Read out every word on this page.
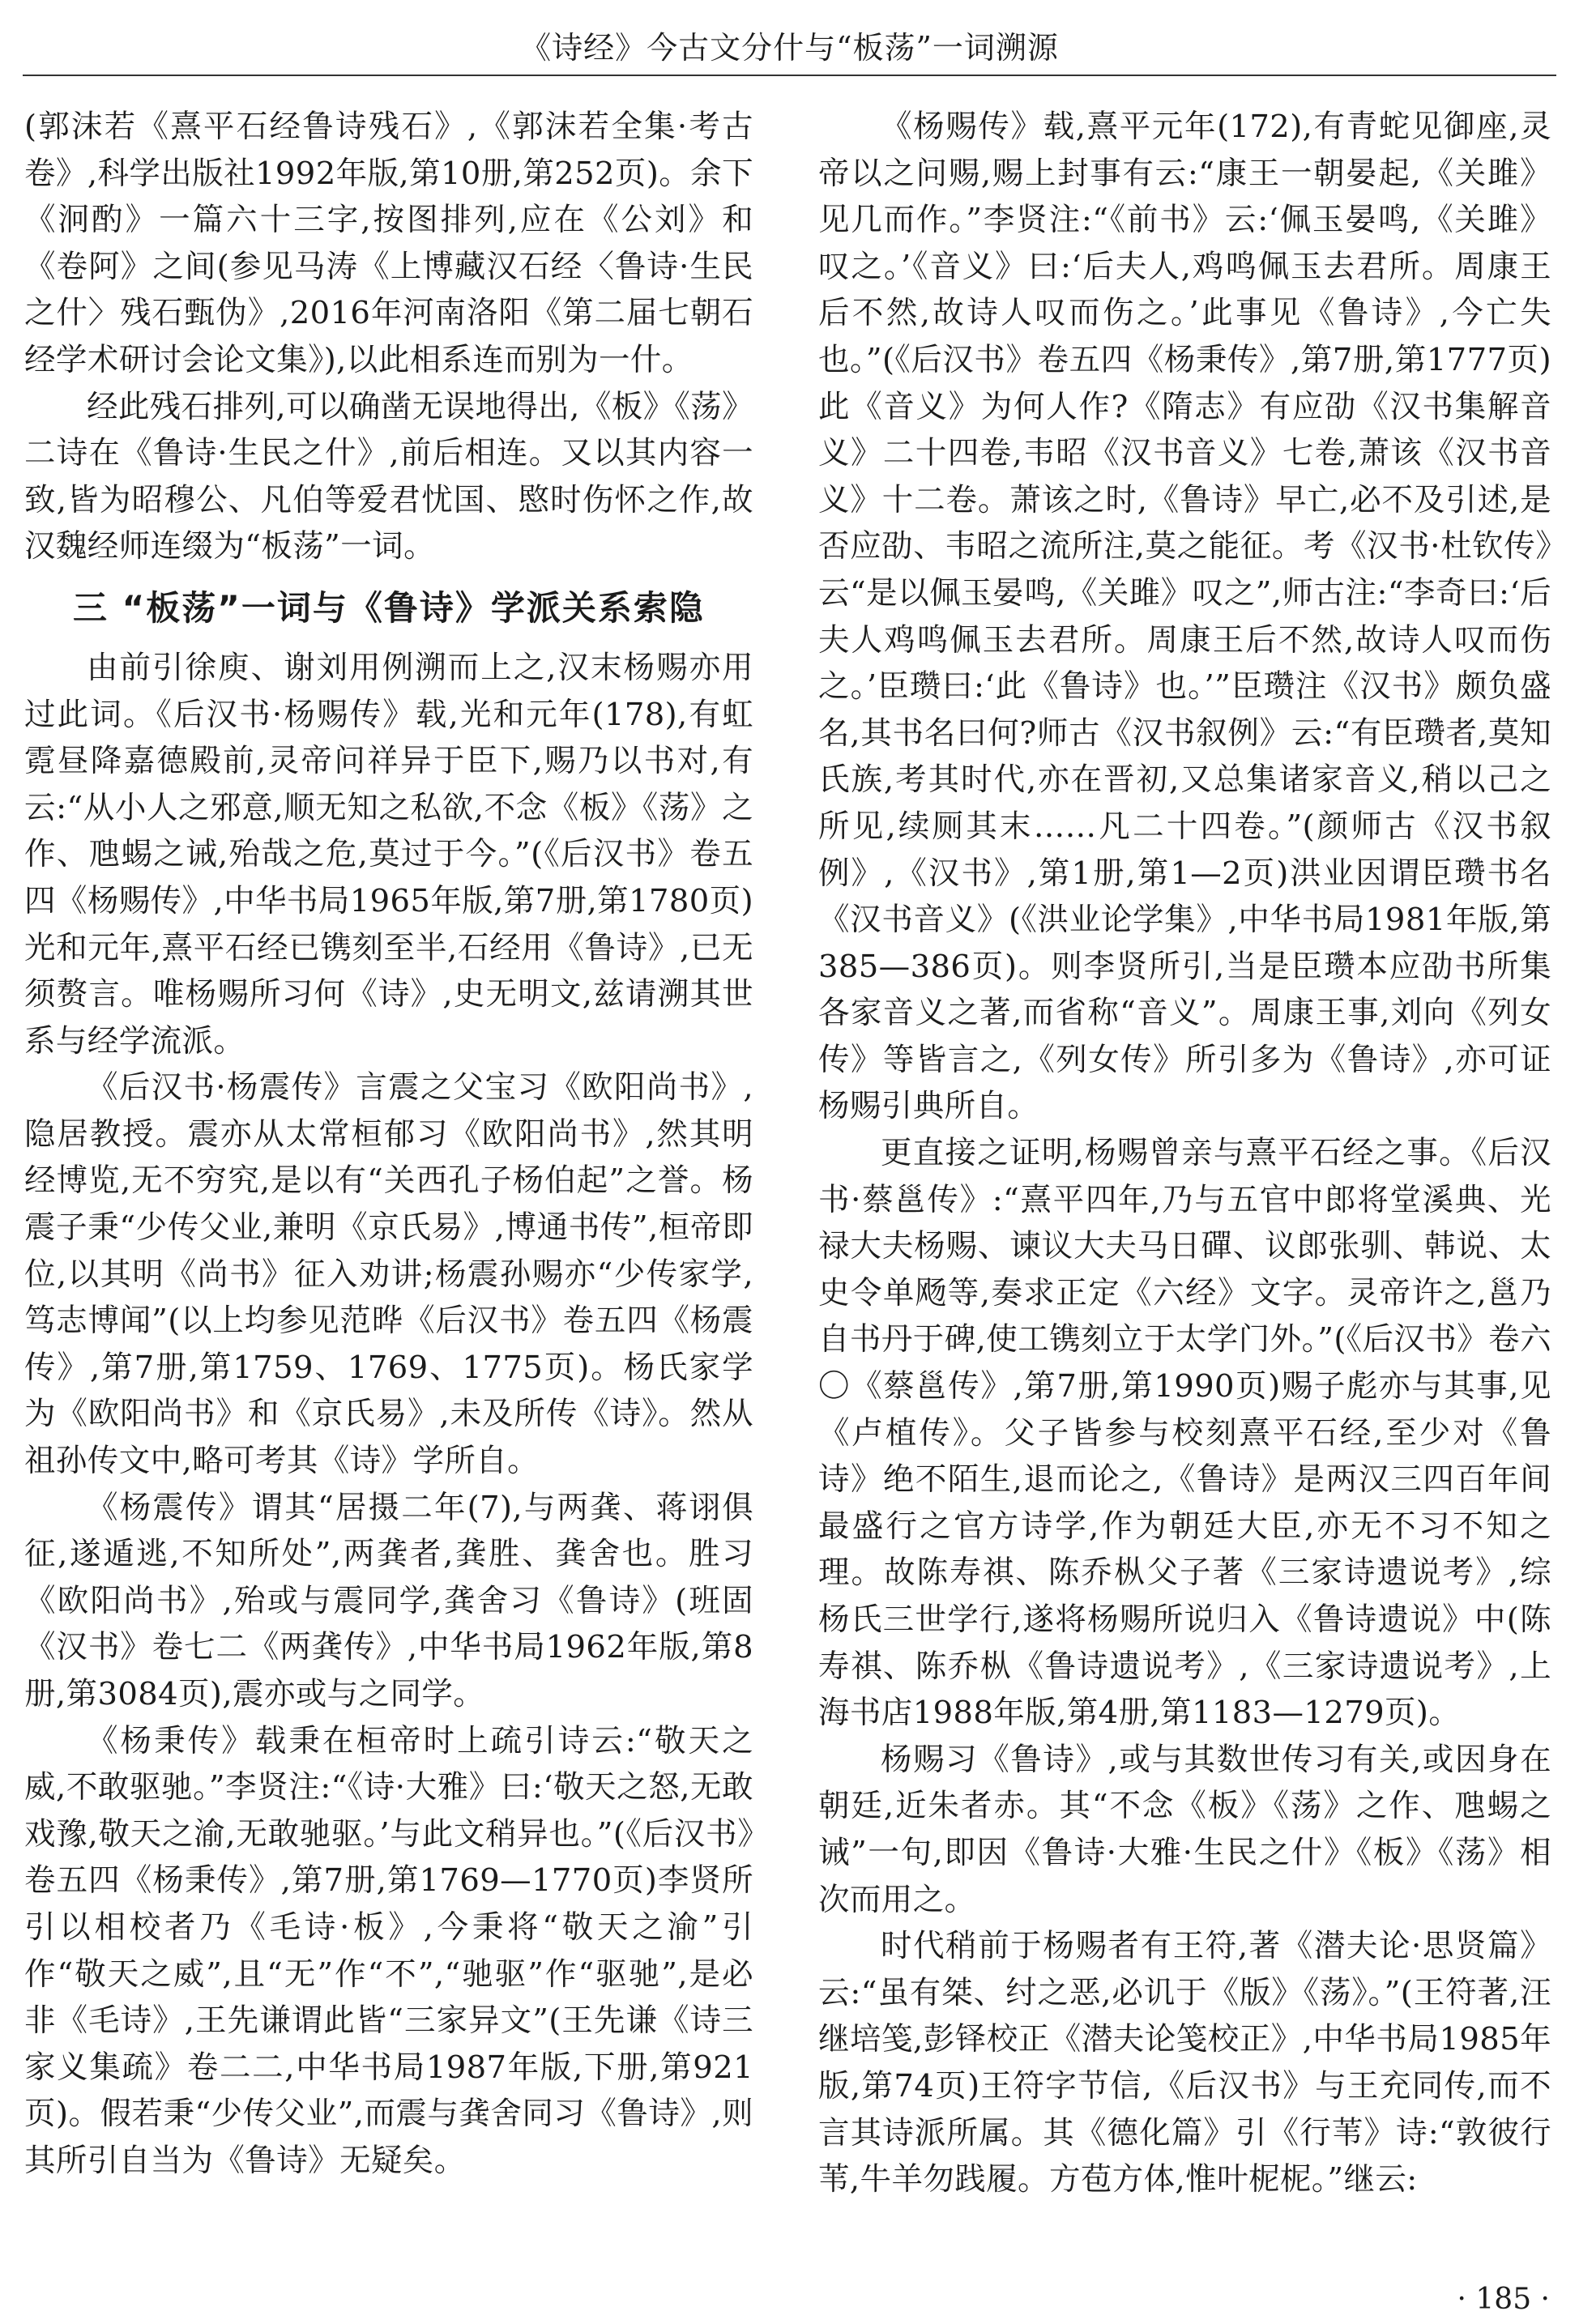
《诗经》今古文分什与“板荡”一词溯源

(郭沫若《熹平石经鲁诗残石》,《郭沫若全集·考古卷》,科学出版社1992年版,第10册,第252页)。余下《泂酌》一篇六十三字,按图排列,应在《公刘》和《卷阿》之间(参见马涛《上博藏汉石经〈鲁诗·生民之什〉残石甄伪》,2016年河南洛阳《第二届七朝石经学术研讨会论文集》),以此相系连而别为一什。

经此残石排列,可以确凿无误地得出,《板》《荡》二诗在《鲁诗·生民之什》,前后相连。又以其内容一致,皆为昭穆公、凡伯等爱君忧国、愍时伤怀之作,故汉魏经师连缀为“板荡”一词。

三 “板荡”一词与《鲁诗》学派关系索隐

由前引徐庾、谢刘用例溯而上之,汉末杨赐亦用过此词。《后汉书·杨赐传》载,光和元年(178),有虹霓昼降嘉德殿前,灵帝问祥异于臣下,赐乃以书对,有云:“从小人之邪意,顺无知之私欲,不念《板》《荡》之作、虺蜴之诫,殆哉之危,莫过于今。”(《后汉书》卷五四《杨赐传》,中华书局1965年版,第7册,第1780页)光和元年,熹平石经已镌刻至半,石经用《鲁诗》,已无须赘言。唯杨赐所习何《诗》,史无明文,兹请溯其世系与经学流派。

《后汉书·杨震传》言震之父宝习《欧阳尚书》,隐居教授。震亦从太常桓郁习《欧阳尚书》,然其明经博览,无不穷究,是以有“关西孔子杨伯起”之誉。杨震子秉“少传父业,兼明《京氏易》,博通书传”,桓帝即位,以其明《尚书》征入劝讲;杨震孙赐亦“少传家学,笃志博闻”(以上均参见范晔《后汉书》卷五四《杨震传》,第7册,第1759、1769、1775页)。杨氏家学为《欧阳尚书》和《京氏易》,未及所传《诗》。然从祖孙传文中,略可考其《诗》学所自。

《杨震传》谓其“居摄二年(7),与两龚、蒋诩俱征,遂遁逃,不知所处”,两龚者,龚胜、龚舍也。胜习《欧阳尚书》,殆或与震同学,龚舍习《鲁诗》(班固《汉书》卷七二《两龚传》,中华书局1962年版,第8册,第3084页),震亦或与之同学。

《杨秉传》载秉在桓帝时上疏引诗云:“敬天之威,不敢驱驰。”李贤注:“《诗·大雅》曰:‘敬天之怒,无敢戏豫,敬天之渝,无敢驰驱。’与此文稍异也。”(《后汉书》卷五四《杨秉传》,第7册,第1769—1770页)李贤所引以相校者乃《毛诗·板》,今秉将“敬天之渝”引作“敬天之威”,且“无”作“不”,“驰驱”作“驱驰”,是必非《毛诗》,王先谦谓此皆“三家异文”(王先谦《诗三家义集疏》卷二二,中华书局1987年版,下册,第921页)。假若秉“少传父业”,而震与龚舍同习《鲁诗》,则其所引自当为《鲁诗》无疑矣。

《杨赐传》载,熹平元年(172),有青蛇见御座,灵帝以之问赐,赐上封事有云:“康王一朝晏起,《关雎》见几而作。”李贤注:“《前书》云:‘佩玉晏鸣,《关雎》叹之。’《音义》曰:‘后夫人,鸡鸣佩玉去君所。周康王后不然,故诗人叹而伤之。’此事见《鲁诗》,今亡失也。”(《后汉书》卷五四《杨秉传》,第7册,第1777页)此《音义》为何人作?《隋志》有应劭《汉书集解音义》二十四卷,韦昭《汉书音义》七卷,萧该《汉书音义》十二卷。萧该之时,《鲁诗》早亡,必不及引述,是否应劭、韦昭之流所注,莫之能征。考《汉书·杜钦传》云“是以佩玉晏鸣,《关雎》叹之”,师古注:“李奇曰:‘后夫人鸡鸣佩玉去君所。周康王后不然,故诗人叹而伤之。’臣瓒曰:‘此《鲁诗》也。’”臣瓒注《汉书》颇负盛名,其书名曰何?师古《汉书叙例》云:“有臣瓒者,莫知氏族,考其时代,亦在晋初,又总集诸家音义,稍以己之所见,续厕其末……凡二十四卷。”(颜师古《汉书叙例》,《汉书》,第1册,第1—2页)洪业因谓臣瓒书名《汉书音义》(《洪业论学集》,中华书局1981年版,第385—386页)。则李贤所引,当是臣瓒本应劭书所集各家音义之著,而省称“音义”。周康王事,刘向《列女传》等皆言之,《列女传》所引多为《鲁诗》,亦可证杨赐引典所自。

更直接之证明,杨赐曾亲与熹平石经之事。《后汉书·蔡邕传》:“熹平四年,乃与五官中郎将堂溪典、光禄大夫杨赐、谏议大夫马日磾、议郎张驯、韩说、太史令单飏等,奏求正定《六经》文字。灵帝许之,邕乃自书丹于碑,使工镌刻立于太学门外。”(《后汉书》卷六〇《蔡邕传》,第7册,第1990页)赐子彪亦与其事,见《卢植传》。父子皆参与校刻熹平石经,至少对《鲁诗》绝不陌生,退而论之,《鲁诗》是两汉三四百年间最盛行之官方诗学,作为朝廷大臣,亦无不习不知之理。故陈寿祺、陈乔枞父子著《三家诗遗说考》,综杨氏三世学行,遂将杨赐所说归入《鲁诗遗说》中(陈寿祺、陈乔枞《鲁诗遗说考》,《三家诗遗说考》,上海书店1988年版,第4册,第1183—1279页)。

杨赐习《鲁诗》,或与其数世传习有关,或因身在朝廷,近朱者赤。其“不念《板》《荡》之作、虺蜴之诫”一句,即因《鲁诗·大雅·生民之什》《板》《荡》相次而用之。

时代稍前于杨赐者有王符,著《潜夫论·思贤篇》云:“虽有桀、纣之恶,必讥于《版》《荡》。”(王符著,汪继培笺,彭铎校正《潜夫论笺校正》,中华书局1985年版,第74页)王符字节信,《后汉书》与王充同传,而不言其诗派所属。其《德化篇》引《行苇》诗:“敦彼行苇,牛羊勿践履。方苞方体,惟叶柅柅。”继云:

· 185 ·
